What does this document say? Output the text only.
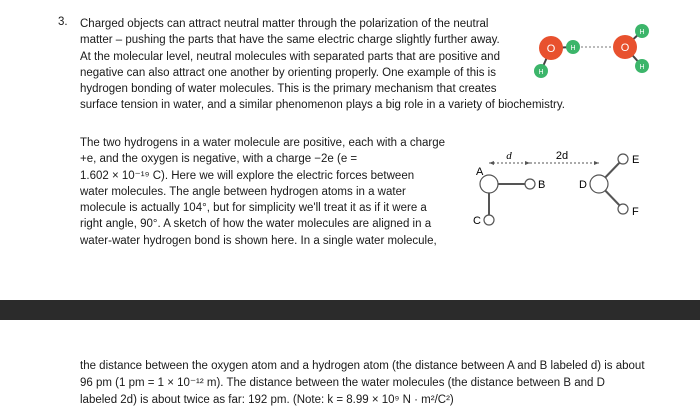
3. Charged objects can attract neutral matter through the polarization of the neutral
matter – pushing the parts that have the same electric charge slightly further away.
At the molecular level, neutral molecules with separated parts that are positive and
negative can also attract one another by orienting properly. One example of this is
hydrogen bonding of water molecules. This is the primary mechanism that creates
surface tension in water, and a similar phenomenon plays a big role in a variety of biochemistry.
O H
H
O
H
H
The two hydrogens in a water molecule are positive, each with a charge
+e, and the oxygen is negative, with a charge −2e (e =
1.602 × 10⁻¹⁹ C). Here we will explore the electric forces between
water molecules. The angle between hydrogen atoms in a water
molecule is actually 104°, but for simplicity we'll treat it as if it were a
right angle, 90°. A sketch of how the water molecules are aligned in a
water-water hydrogen bond is shown here. In a single water molecule,
d	2d
A
B
C
D
E
F
the distance between the oxygen atom and a hydrogen atom (the distance between A and B labeled d) is about
96 pm (1 pm = 1 × 10⁻¹² m). The distance between the water molecules (the distance between B and D
labeled 2d) is about twice as far: 192 pm. (Note: k = 8.99 × 10⁹ N · m²/C²)
